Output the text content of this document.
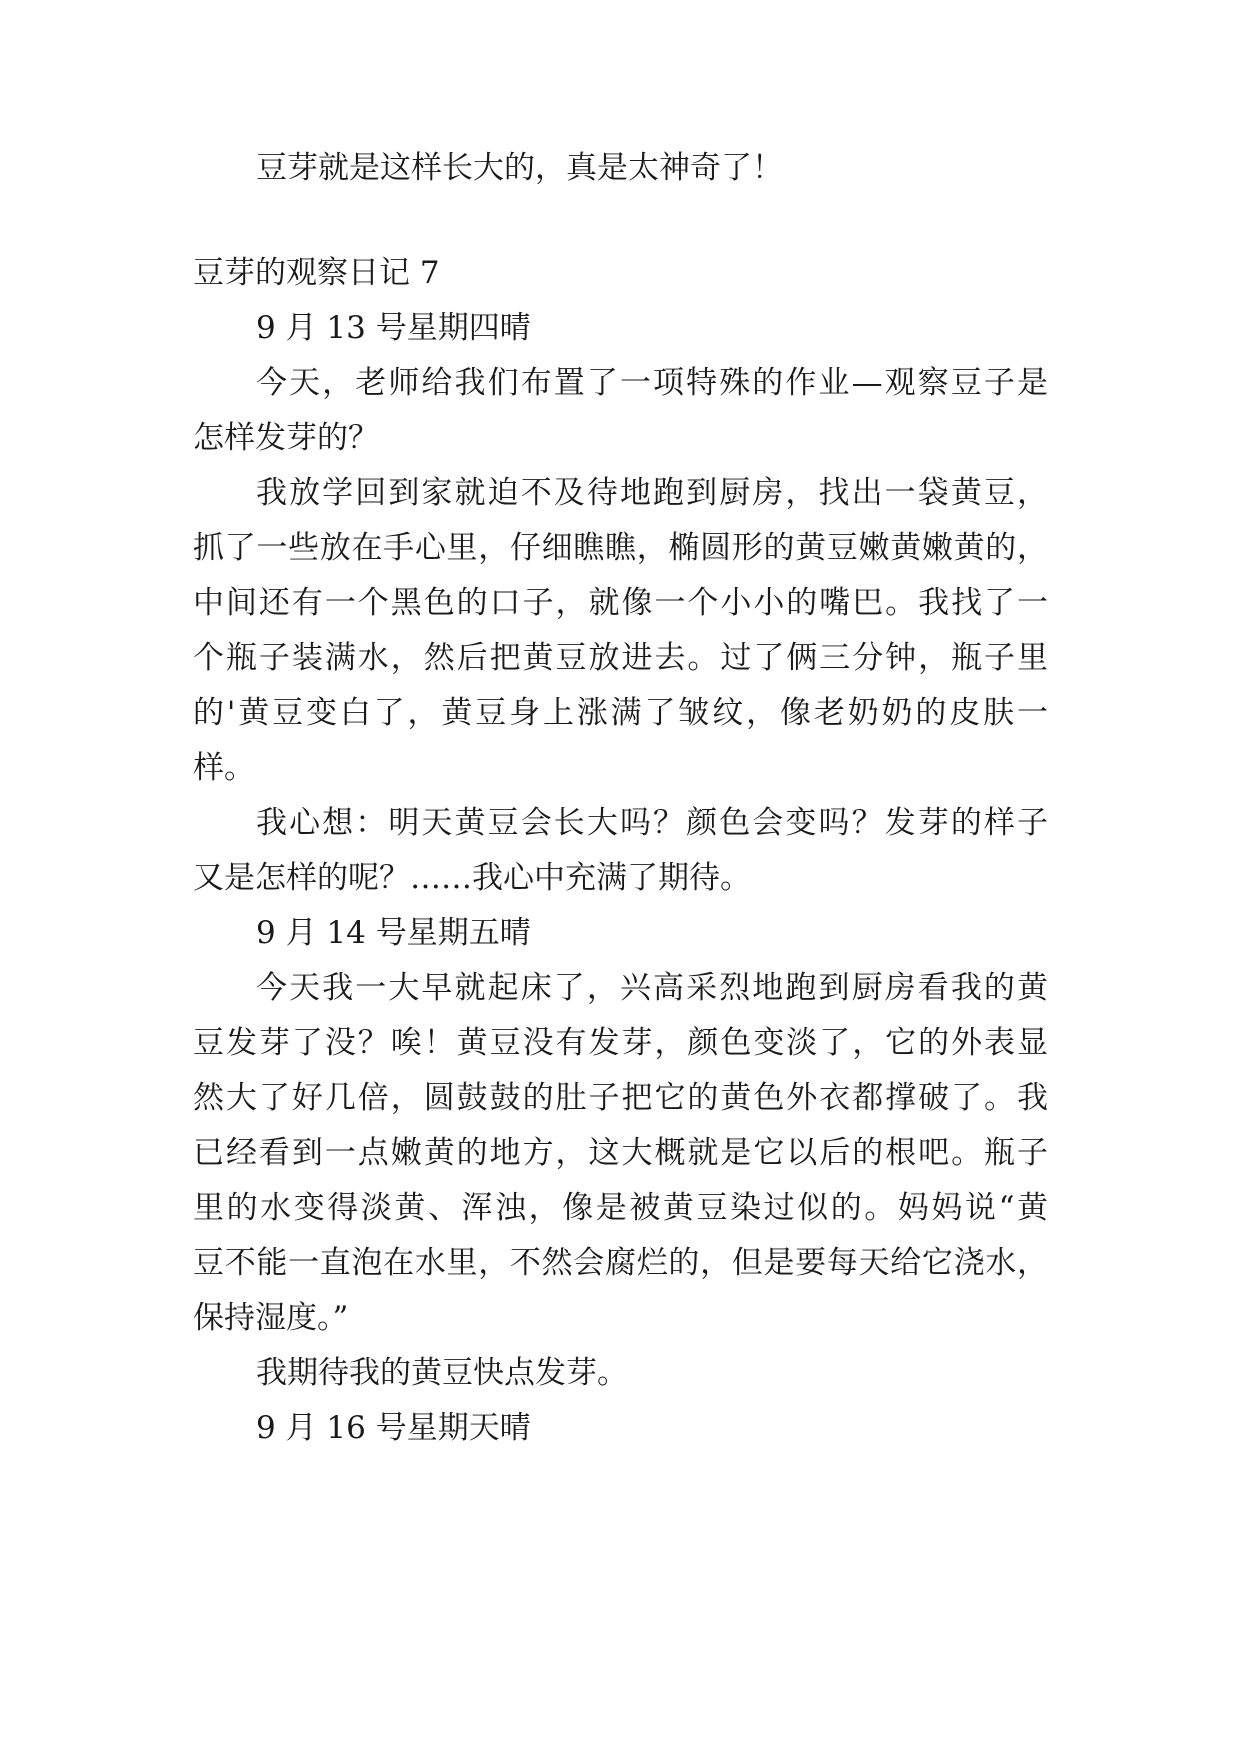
豆芽就是这样长大的，真是太神奇了！
豆芽的观察日记 7
9 月 13 号星期四晴
今天，老师给我们布置了一项特殊的作业—观察豆子是
怎样发芽的？
我放学回到家就迫不及待地跑到厨房，找出一袋黄豆，
抓了一些放在手心里，仔细瞧瞧，椭圆形的黄豆嫩黄嫩黄的，
中间还有一个黑色的口子，就像一个小小的嘴巴。我找了一
个瓶子装满水，然后把黄豆放进去。过了俩三分钟，瓶子里
的'黄豆变白了，黄豆身上涨满了皱纹，像老奶奶的皮肤一
样。
我心想：明天黄豆会长大吗？颜色会变吗？发芽的样子
又是怎样的呢？……我心中充满了期待。
9 月 14 号星期五晴
今天我一大早就起床了，兴高采烈地跑到厨房看我的黄
豆发芽了没？唉！黄豆没有发芽，颜色变淡了，它的外表显
然大了好几倍，圆鼓鼓的肚子把它的黄色外衣都撑破了。我
已经看到一点嫩黄的地方，这大概就是它以后的根吧。瓶子
里的水变得淡黄、浑浊，像是被黄豆染过似的。妈妈说“黄
豆不能一直泡在水里，不然会腐烂的，但是要每天给它浇水，
保持湿度。”
我期待我的黄豆快点发芽。
9 月 16 号星期天晴
